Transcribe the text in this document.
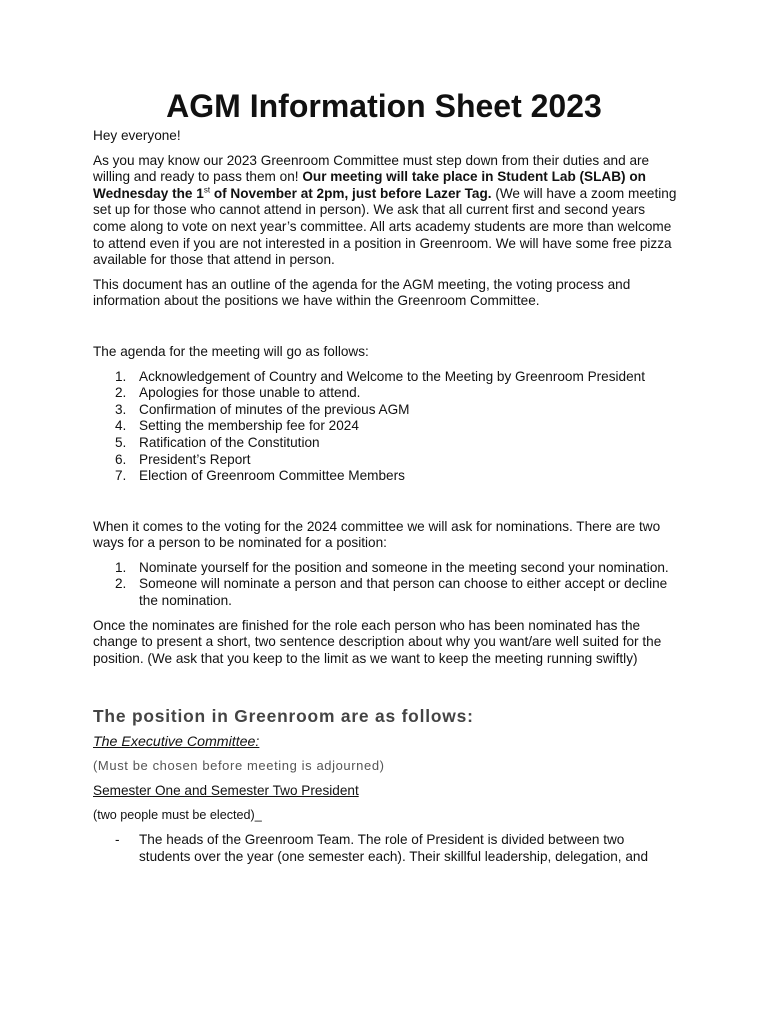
AGM Information Sheet 2023

Hey everyone!

As you may know our 2023 Greenroom Committee must step down from their duties and are willing and ready to pass them on! Our meeting will take place in Student Lab (SLAB) on Wednesday the 1st of November at 2pm, just before Lazer Tag. (We will have a zoom meeting set up for those who cannot attend in person). We ask that all current first and second years come along to vote on next year’s committee. All arts academy students are more than welcome to attend even if you are not interested in a position in Greenroom. We will have some free pizza available for those that attend in person.

This document has an outline of the agenda for the AGM meeting, the voting process and information about the positions we have within the Greenroom Committee.

The agenda for the meeting will go as follows:

1. Acknowledgement of Country and Welcome to the Meeting by Greenroom President
2. Apologies for those unable to attend.
3. Confirmation of minutes of the previous AGM
4. Setting the membership fee for 2024
5. Ratification of the Constitution
6. President’s Report
7. Election of Greenroom Committee Members

When it comes to the voting for the 2024 committee we will ask for nominations. There are two ways for a person to be nominated for a position:

1. Nominate yourself for the position and someone in the meeting second your nomination.
2. Someone will nominate a person and that person can choose to either accept or decline the nomination.

Once the nominates are finished for the role each person who has been nominated has the change to present a short, two sentence description about why you want/are well suited for the position. (We ask that you keep to the limit as we want to keep the meeting running swiftly)

The position in Greenroom are as follows:
The Executive Committee:
(Must be chosen before meeting is adjourned)
Semester One and Semester Two President
(two people must be elected)_
- The heads of the Greenroom Team. The role of President is divided between two students over the year (one semester each). Their skillful leadership, delegation, and
